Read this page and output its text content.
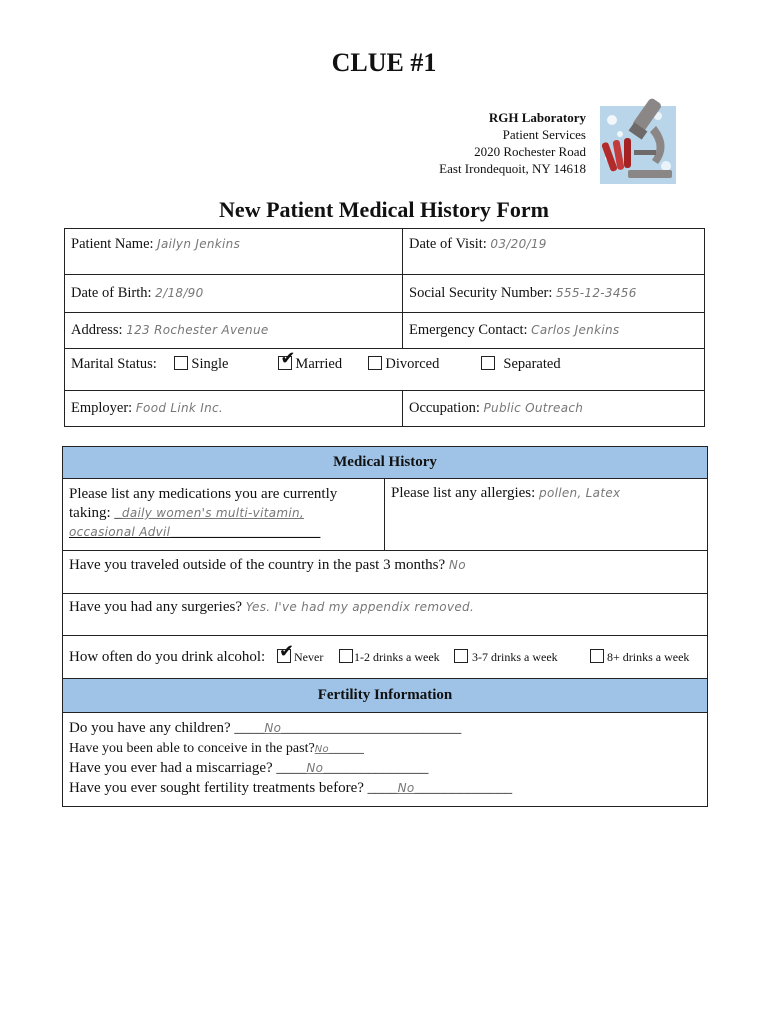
CLUE #1
RGH Laboratory
Patient Services
2020 Rochester Road
East Irondequoit, NY 14618
New Patient Medical History Form
Patient Name: Jailyn Jenkins	Date of Visit: 03/20/19
Date of Birth: 2/18/90	Social Security Number: 555-12-3456
Address: 123 Rochester Avenue	Emergency Contact: Carlos Jenkins
Marital Status: Single ✔ Married Divorced Separated	
Employer: Food Link Inc.	Occupation: Public Outreach
Medical History

Please list any medications you are currently
taking: _daily women's multi-vitamin,
occasional Advil____________________
	Please list any allergies: pollen, Latex
Have you traveled outside of the country in the past 3 months? No
Have you had any surgeries? Yes. I've had my appendix removed.
How often do you drink alcohol: ✔ Never	1-2 drinks a week	3-7 drinks a week	8+ drinks a week
Fertility Information

Do you have any children? ____No________________________
Have you been able to conceive in the past?No_____
Have you ever had a miscarriage? ____No______________
Have you ever sought fertility treatments before? ____No_____________
